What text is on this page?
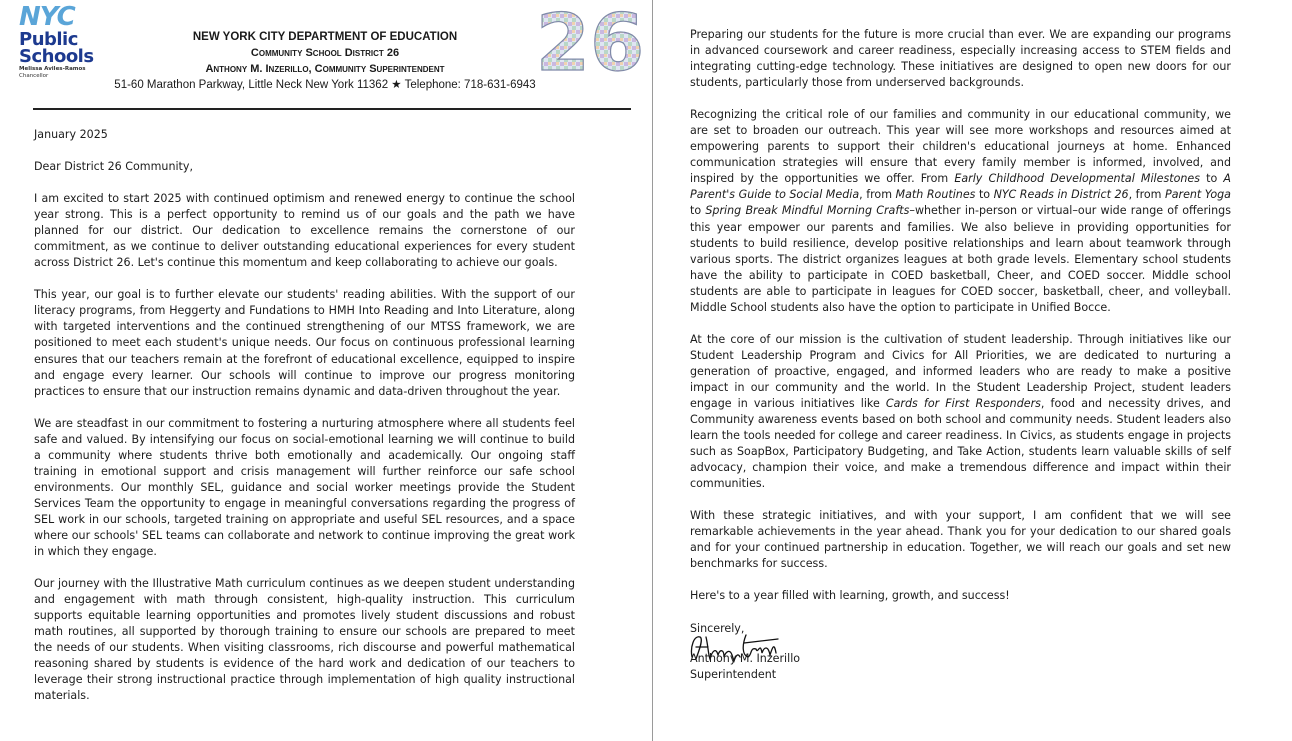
NYC
Public
Schools
Melissa Aviles-Ramos
Chancellor
NEW YORK CITY DEPARTMENT OF EDUCATION
Community School District 26
Anthony M. Inzerillo, Community Superintendent
51-60 Marathon Parkway, Little Neck New York 11362 ★ Telephone: 718-631-6943 26

January 2025

Dear District 26 Community,

I am excited to start 2025 with continued optimism and renewed energy to continue the school year strong. This is a perfect opportunity to remind us of our goals and the path we have planned for our district. Our dedication to excellence remains the cornerstone of our commitment, as we continue to deliver outstanding educational experiences for every student across District 26. Let's continue this momentum and keep collaborating to achieve our goals.

This year, our goal is to further elevate our students' reading abilities. With the support of our literacy programs, from Heggerty and Fundations to HMH Into Reading and Into Literature, along with targeted interventions and the continued strengthening of our MTSS framework, we are positioned to meet each student's unique needs. Our focus on continuous professional learning ensures that our teachers remain at the forefront of educational excellence, equipped to inspire and engage every learner. Our schools will continue to improve our progress monitoring practices to ensure that our instruction remains dynamic and data-driven throughout the year.

We are steadfast in our commitment to fostering a nurturing atmosphere where all students feel safe and valued. By intensifying our focus on social-emotional learning we will continue to build a community where students thrive both emotionally and academically. Our ongoing staff training in emotional support and crisis management will further reinforce our safe school environments. Our monthly SEL, guidance and social worker meetings provide the Student Services Team the opportunity to engage in meaningful conversations regarding the progress of SEL work in our schools, targeted training on appropriate and useful SEL resources, and a space where our schools' SEL teams can collaborate and network to continue improving the great work in which they engage.

Our journey with the Illustrative Math curriculum continues as we deepen student understanding and engagement with math through consistent, high-quality instruction. This curriculum supports equitable learning opportunities and promotes lively student discussions and robust math routines, all supported by thorough training to ensure our schools are prepared to meet the needs of our students. When visiting classrooms, rich discourse and powerful mathematical reasoning shared by students is evidence of the hard work and dedication of our teachers to leverage their strong instructional practice through implementation of high quality instructional materials.

Preparing our students for the future is more crucial than ever. We are expanding our programs in advanced coursework and career readiness, especially increasing access to STEM fields and integrating cutting-edge technology. These initiatives are designed to open new doors for our students, particularly those from underserved backgrounds.

Recognizing the critical role of our families and community in our educational community, we are set to broaden our outreach. This year will see more workshops and resources aimed at empowering parents to support their children's educational journeys at home. Enhanced communication strategies will ensure that every family member is informed, involved, and inspired by the opportunities we offer. From Early Childhood Developmental Milestones to A Parent's Guide to Social Media, from Math Routines to NYC Reads in District 26, from Parent Yoga to Spring Break Mindful Morning Crafts–whether in-person or virtual–our wide range of offerings this year empower our parents and families. We also believe in providing opportunities for students to build resilience, develop positive relationships and learn about teamwork through various sports. The district organizes leagues at both grade levels. Elementary school students have the ability to participate in COED basketball, Cheer, and COED soccer. Middle school students are able to participate in leagues for COED soccer, basketball, cheer, and volleyball. Middle School students also have the option to participate in Unified Bocce.

At the core of our mission is the cultivation of student leadership. Through initiatives like our Student Leadership Program and Civics for All Priorities, we are dedicated to nurturing a generation of proactive, engaged, and informed leaders who are ready to make a positive impact in our community and the world. In the Student Leadership Project, student leaders engage in various initiatives like Cards for First Responders, food and necessity drives, and Community awareness events based on both school and community needs. Student leaders also learn the tools needed for college and career readiness. In Civics, as students engage in projects such as SoapBox, Participatory Budgeting, and Take Action, students learn valuable skills of self advocacy, champion their voice, and make a tremendous difference and impact within their communities.

With these strategic initiatives, and with your support, I am confident that we will see remarkable achievements in the year ahead. Thank you for your dedication to our shared goals and for your continued partnership in education. Together, we will reach our goals and set new benchmarks for success.

Here's to a year filled with learning, growth, and success!

Sincerely,

Anthony M. Inzerillo
Superintendent
